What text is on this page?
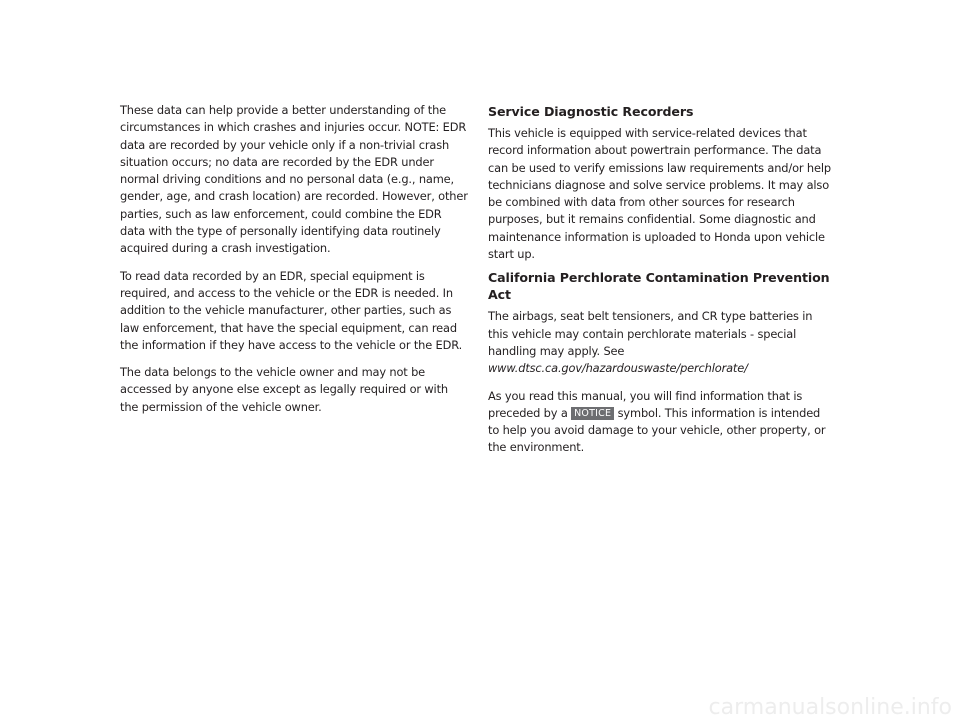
These data can help provide a better understanding of the circumstances in which crashes and injuries occur. NOTE: EDR data are recorded by your vehicle only if a non-trivial crash situation occurs; no data are recorded by the EDR under normal driving conditions and no personal data (e.g., name, gender, age, and crash location) are recorded. However, other parties, such as law enforcement, could combine the EDR data with the type of personally identifying data routinely acquired during a crash investigation.

To read data recorded by an EDR, special equipment is required, and access to the vehicle or the EDR is needed. In addition to the vehicle manufacturer, other parties, such as law enforcement, that have the special equipment, can read the information if they have access to the vehicle or the EDR.

The data belongs to the vehicle owner and may not be accessed by anyone else except as legally required or with the permission of the vehicle owner.

Service Diagnostic Recorders

This vehicle is equipped with service-related devices that record information about powertrain performance. The data can be used to verify emissions law requirements and/or help technicians diagnose and solve service problems. It may also be combined with data from other sources for research purposes, but it remains confidential. Some diagnostic and maintenance information is uploaded to Honda upon vehicle start up.

California Perchlorate Contamination Prevention Act

The airbags, seat belt tensioners, and CR type batteries in this vehicle may contain perchlorate materials - special handling may apply. See www.dtsc.ca.gov/hazardouswaste/perchlorate/

As you read this manual, you will find information that is preceded by a NOTICE symbol. This information is intended to help you avoid damage to your vehicle, other property, or the environment.

carmanualsonline.info
